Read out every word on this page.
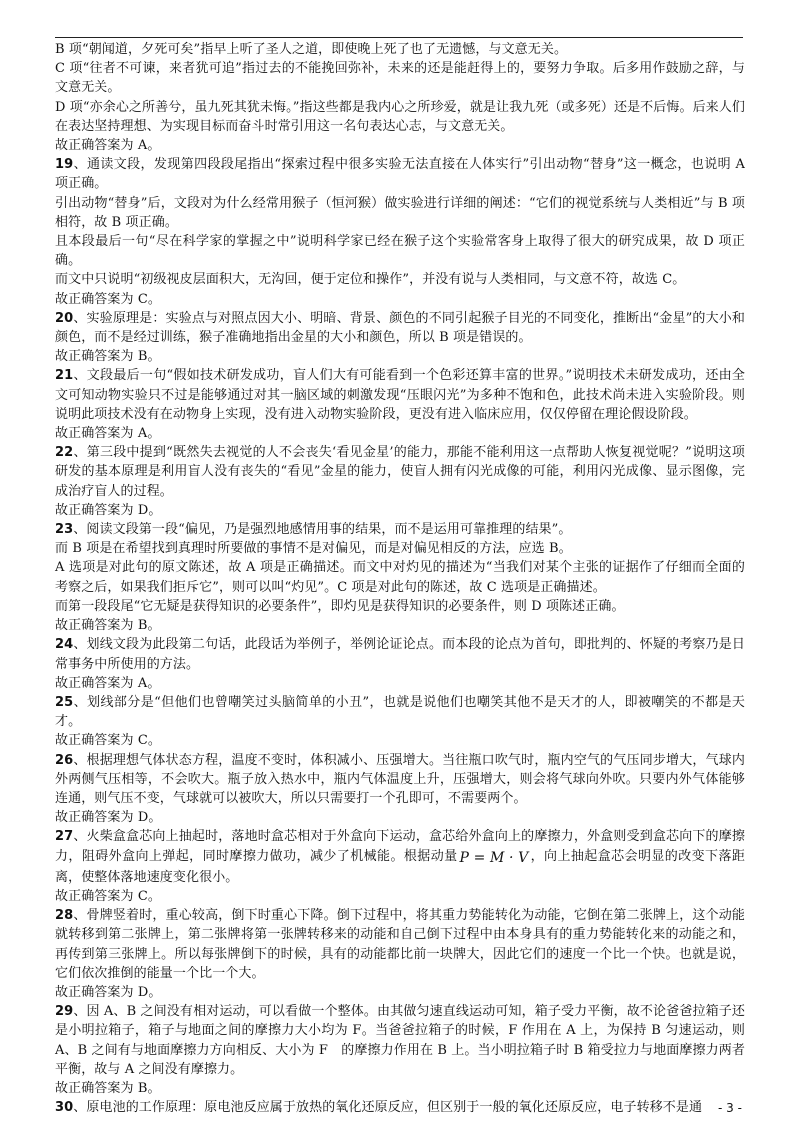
B 项“朝闻道，夕死可矣”指早上听了圣人之道，即使晚上死了也了无遗憾，与文意无关。

C 项“往者不可谏，来者犹可追”指过去的不能挽回弥补，未来的还是能赶得上的，要努力争取。后多用作鼓励之辞，与文意无关。

D 项“亦余心之所善兮，虽九死其犹未悔。”指这些都是我内心之所珍爱，就是让我九死（或多死）还是不后悔。后来人们在表达坚持理想、为实现目标而奋斗时常引用这一名句表达心志，与文意无关。

故正确答案为 A。

19、通读文段，发现第四段段尾指出“探索过程中很多实验无法直接在人体实行”引出动物“替身”这一概念，也说明 A 项正确。

引出动物“替身”后，文段对为什么经常用猴子（恒河猴）做实验进行详细的阐述：“它们的视觉系统与人类相近”与 B 项相符，故 B 项正确。

且本段最后一句“尽在科学家的掌握之中”说明科学家已经在猴子这个实验常客身上取得了很大的研究成果，故 D 项正确。

而文中只说明“初级视皮层面积大，无沟回，便于定位和操作”，并没有说与人类相同，与文意不符，故选 C。

故正确答案为 C。

20、实验原理是：实验点与对照点因大小、明暗、背景、颜色的不同引起猴子目光的不同变化，推断出“金星”的大小和颜色，而不是经过训练，猴子准确地指出金星的大小和颜色，所以 B 项是错误的。

故正确答案为 B。

21、文段最后一句“假如技术研发成功，盲人们大有可能看到一个色彩还算丰富的世界。”说明技术未研发成功，还由全文可知动物实验只不过是能够通过对其一脑区域的刺激发现“压眼闪光”为多种不饱和色，此技术尚未进入实验阶段。则说明此项技术没有在动物身上实现，没有进入动物实验阶段，更没有进入临床应用，仅仅停留在理论假设阶段。

故正确答案为 A。

22、第三段中提到“既然失去视觉的人不会丧失‘看见金星’的能力，那能不能利用这一点帮助人恢复视觉呢？”说明这项研发的基本原理是利用盲人没有丧失的“看见”金星的能力，使盲人拥有闪光成像的可能，利用闪光成像、显示图像，完成治疗盲人的过程。

故正确答案为 D。

23、阅读文段第一段“偏见，乃是强烈地感情用事的结果，而不是运用可靠推理的结果”。

而 B 项是在希望找到真理时所要做的事情不是对偏见，而是对偏见相反的方法，应选 B。

A 选项是对此句的原文陈述，故 A 项是正确描述。而文中对灼见的描述为“当我们对某个主张的证据作了仔细而全面的考察之后，如果我们拒斥它”，则可以叫“灼见”。C 项是对此句的陈述，故 C 选项是正确描述。

而第一段段尾“它无疑是获得知识的必要条件”，即灼见是获得知识的必要条件，则 D 项陈述正确。

故正确答案为 B。

24、划线文段为此段第二句话，此段话为举例子，举例论证论点。而本段的论点为首句，即批判的、怀疑的考察乃是日常事务中所使用的方法。

故正确答案为 A。

25、划线部分是“但他们也曾嘲笑过头脑简单的小丑”，也就是说他们也嘲笑其他不是天才的人，即被嘲笑的不都是天才。

故正确答案为 C。

26、根据理想气体状态方程，温度不变时，体积减小、压强增大。当往瓶口吹气时，瓶内空气的气压同步增大，气球内外两侧气压相等，不会吹大。瓶子放入热水中，瓶内气体温度上升，压强增大，则会将气球向外吹。只要内外气体能够连通，则气压不变，气球就可以被吹大，所以只需要打一个孔即可，不需要两个。

故正确答案为 D。

27、火柴盒盒芯向上抽起时，落地时盒芯相对于外盒向下运动，盒芯给外盒向上的摩擦力，外盒则受到盒芯向下的摩擦力，阻碍外盒向上弹起，同时摩擦力做功，减少了机械能。根据动量 P = M · V ，向上抽起盒芯会明显的改变下落距离，使整体落地速度变化很小。

故正确答案为 C。

28、骨牌竖着时，重心较高，倒下时重心下降。倒下过程中，将其重力势能转化为动能，它倒在第二张牌上，这个动能就转移到第二张牌上，第二张牌将第一张牌转移来的动能和自己倒下过程中由本身具有的重力势能转化来的动能之和，再传到第三张牌上。所以每张牌倒下的时候，具有的动能都比前一块牌大，因此它们的速度一个比一个快。也就是说，它们依次推倒的能量一个比一个大。

故正确答案为 D。

29、因 A、B 之间没有相对运动，可以看做一个整体。由其做匀速直线运动可知，箱子受力平衡，故不论爸爸拉箱子还是小明拉箱子，箱子与地面之间的摩擦力大小均为 F。当爸爸拉箱子的时候，F 作用在 A 上，为保持 B 匀速运动，则 A、B 之间有与地面摩擦力方向相反、大小为 F　的摩擦力作用在 B 上。当小明拉箱子时 B 箱受拉力与地面摩擦力两者平衡，故与 A 之间没有摩擦力。

故正确答案为 B。

30、原电池的工作原理：原电池反应属于放热的氧化还原反应，但区别于一般的氧化还原反应，电子转移不是通	- 3 -
